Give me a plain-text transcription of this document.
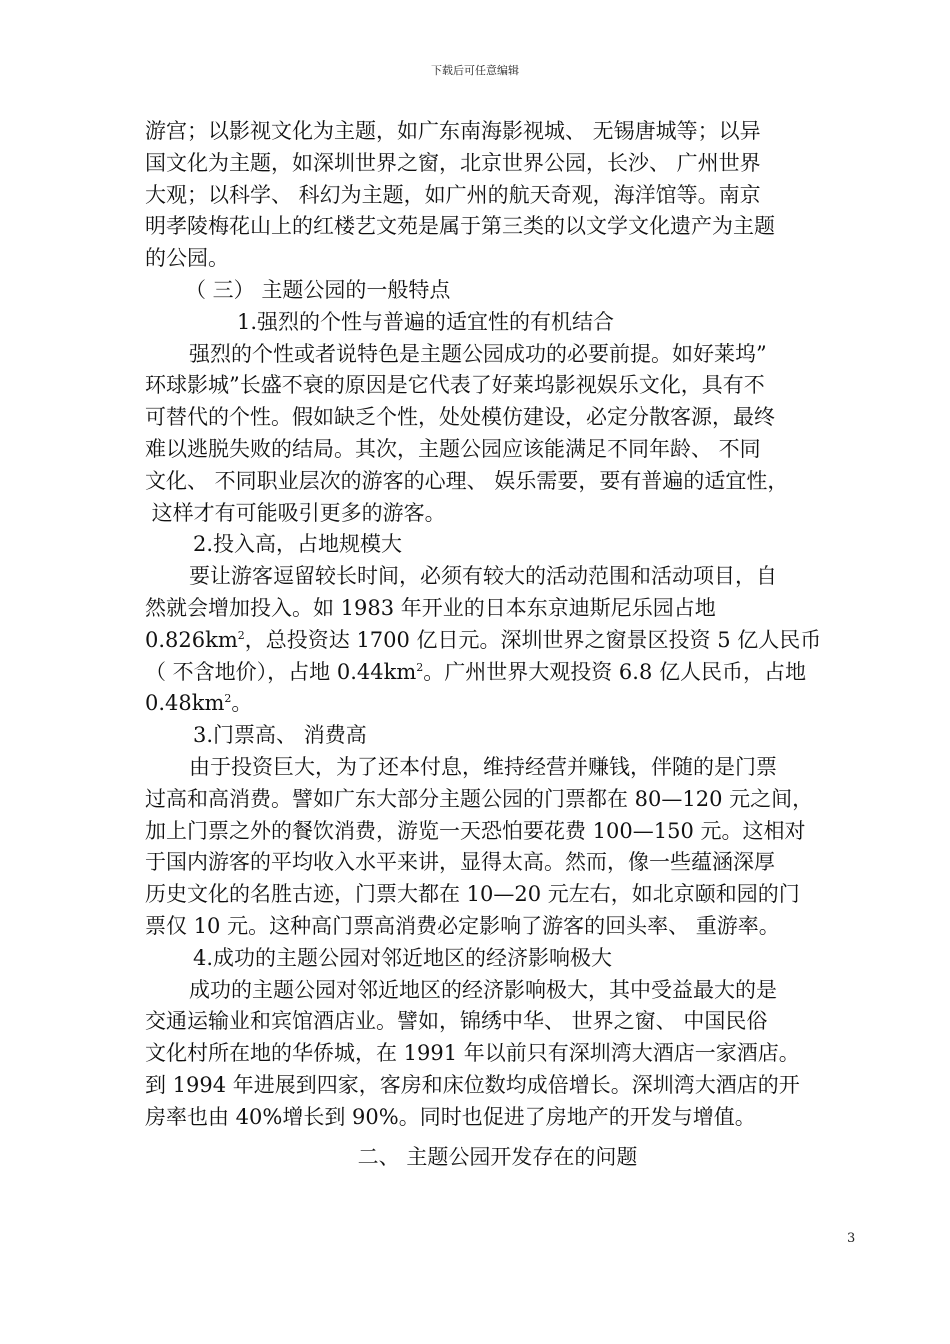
下载后可任意编辑

游宫；以影视文化为主题，如广东南海影视城、 无锡唐城等；以异
国文化为主题，如深圳世界之窗，北京世界公园，长沙、 广州世界
大观；以科学、 科幻为主题，如广州的航天奇观，海洋馆等。南京
明孝陵梅花山上的红楼艺文苑是属于第三类的以文学文化遗产为主题
的公园。

（ 三） 主题公园的一般特点

1.强烈的个性与普遍的适宜性的有机结合

强烈的个性或者说特色是主题公园成功的必要前提。如好莱坞”
环球影城”长盛不衰的原因是它代表了好莱坞影视娱乐文化，具有不
可替代的个性。假如缺乏个性，处处模仿建设，必定分散客源，最终
难以逃脱失败的结局。其次，主题公园应该能满足不同年龄、 不同
文化、 不同职业层次的游客的心理、 娱乐需要，要有普遍的适宜性，
这样才有可能吸引更多的游客。

2.投入高，占地规模大

要让游客逗留较长时间，必须有较大的活动范围和活动项目，自
然就会增加投入。如 1983 年开业的日本东京迪斯尼乐园占地
$0.826km^2$，总投资达 1700 亿日元。深圳世界之窗景区投资 5 亿人民币
（ 不含地价），占地 $0.44km^2$。广州世界大观投资 6.8 亿人民币，占地
$0.48km^2$。

3.门票高、 消费高

由于投资巨大，为了还本付息，维持经营并赚钱，伴随的是门票
过高和高消费。譬如广东大部分主题公园的门票都在 80—120 元之间，
加上门票之外的餐饮消费，游览一天恐怕要花费 100—150 元。这相对
于国内游客的平均收入水平来讲，显得太高。然而，像一些蕴涵深厚
历史文化的名胜古迹，门票大都在 10—20 元左右，如北京颐和园的门
票仅 10 元。这种高门票高消费必定影响了游客的回头率、 重游率。

4.成功的主题公园对邻近地区的经济影响极大

成功的主题公园对邻近地区的经济影响极大，其中受益最大的是
交通运输业和宾馆酒店业。譬如，锦绣中华、 世界之窗、 中国民俗
文化村所在地的华侨城，在 1991 年以前只有深圳湾大酒店一家酒店。
到 1994 年进展到四家，客房和床位数均成倍增长。深圳湾大酒店的开
房率也由 40%增长到 90%。同时也促进了房地产的开发与增值。

二、 主题公园开发存在的问题

3
